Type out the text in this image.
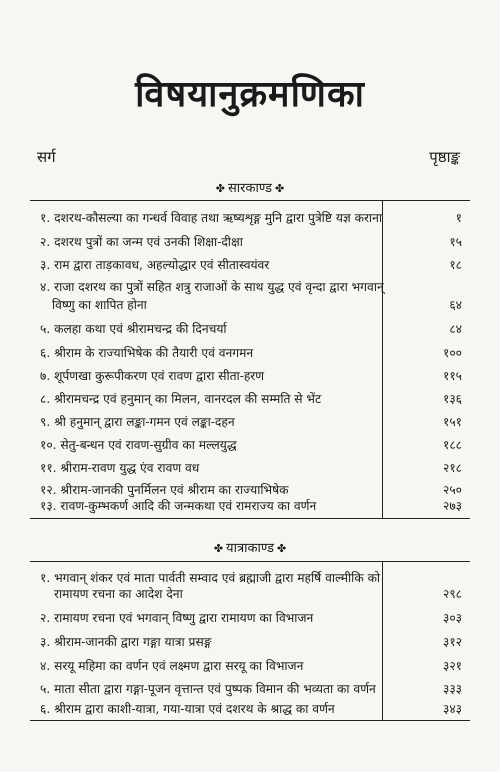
विषयानुक्रमणिका
सर्ग	पृष्ठाङ्क
✤ सारकाण्ड ✤
१. दशरथ-कौसल्या का गन्धर्व विवाह तथा ऋष्यशृङ्ग मुनि द्वारा पुत्रेष्टि यज्ञ कराना	१
२. दशरथ पुत्रों का जन्म एवं उनकी शिक्षा-दीक्षा	१५
३. राम द्वारा ताड़कावध, अहल्योद्धार एवं सीतास्वयंवर	१८
४. राजा दशरथ का पुत्रों सहित शत्रु राजाओं के साथ युद्ध एवं वृन्दा द्वारा भगवान्
विष्णु का शापित होना	६४
५. कलहा कथा एवं श्रीरामचन्द्र की दिनचर्या	८४
६. श्रीराम के राज्याभिषेक की तैयारी एवं वनगमन	१००
७. शूर्पणखा कुरूपीकरण एवं रावण द्वारा सीता-हरण	११५
८. श्रीरामचन्द्र एवं हनुमान् का मिलन, वानरदल की सम्मति से भेंट	१३६
९. श्री हनुमान् द्वारा लङ्का-गमन एवं लङ्का-दहन	१५१
१०. सेतु-बन्धन एवं रावण-सुग्रीव का मल्लयुद्ध	१८८
११. श्रीराम-रावण युद्ध एंव रावण वध	२१८
१२. श्रीराम-जानकी पुनर्मिलन एवं श्रीराम का राज्याभिषेक	२५०
१३. रावण-कुम्भकर्ण आदि की जन्मकथा एवं रामराज्य का वर्णन	२७३
✤ यात्राकाण्ड ✤
१. भगवान् शंकर एवं माता पार्वती सम्वाद एवं ब्रह्माजी द्वारा महर्षि वाल्मीकि को
रामायण रचना का आदेश देना	२९८
२. रामायण रचना एवं भगवान् विष्णु द्वारा रामायण का विभाजन	३०३
३. श्रीराम-जानकी द्वारा गङ्गा यात्रा प्रसङ्ग	३१२
४. सरयू महिमा का वर्णन एवं लक्ष्मण द्वारा सरयू का विभाजन	३२१
५. माता सीता द्वारा गङ्गा-पूजन वृत्तान्त एवं पुष्पक विमान की भव्यता का वर्णन	३३३
६. श्रीराम द्वारा काशी-यात्रा, गया-यात्रा एवं दशरथ के श्राद्ध का वर्णन	३४३
